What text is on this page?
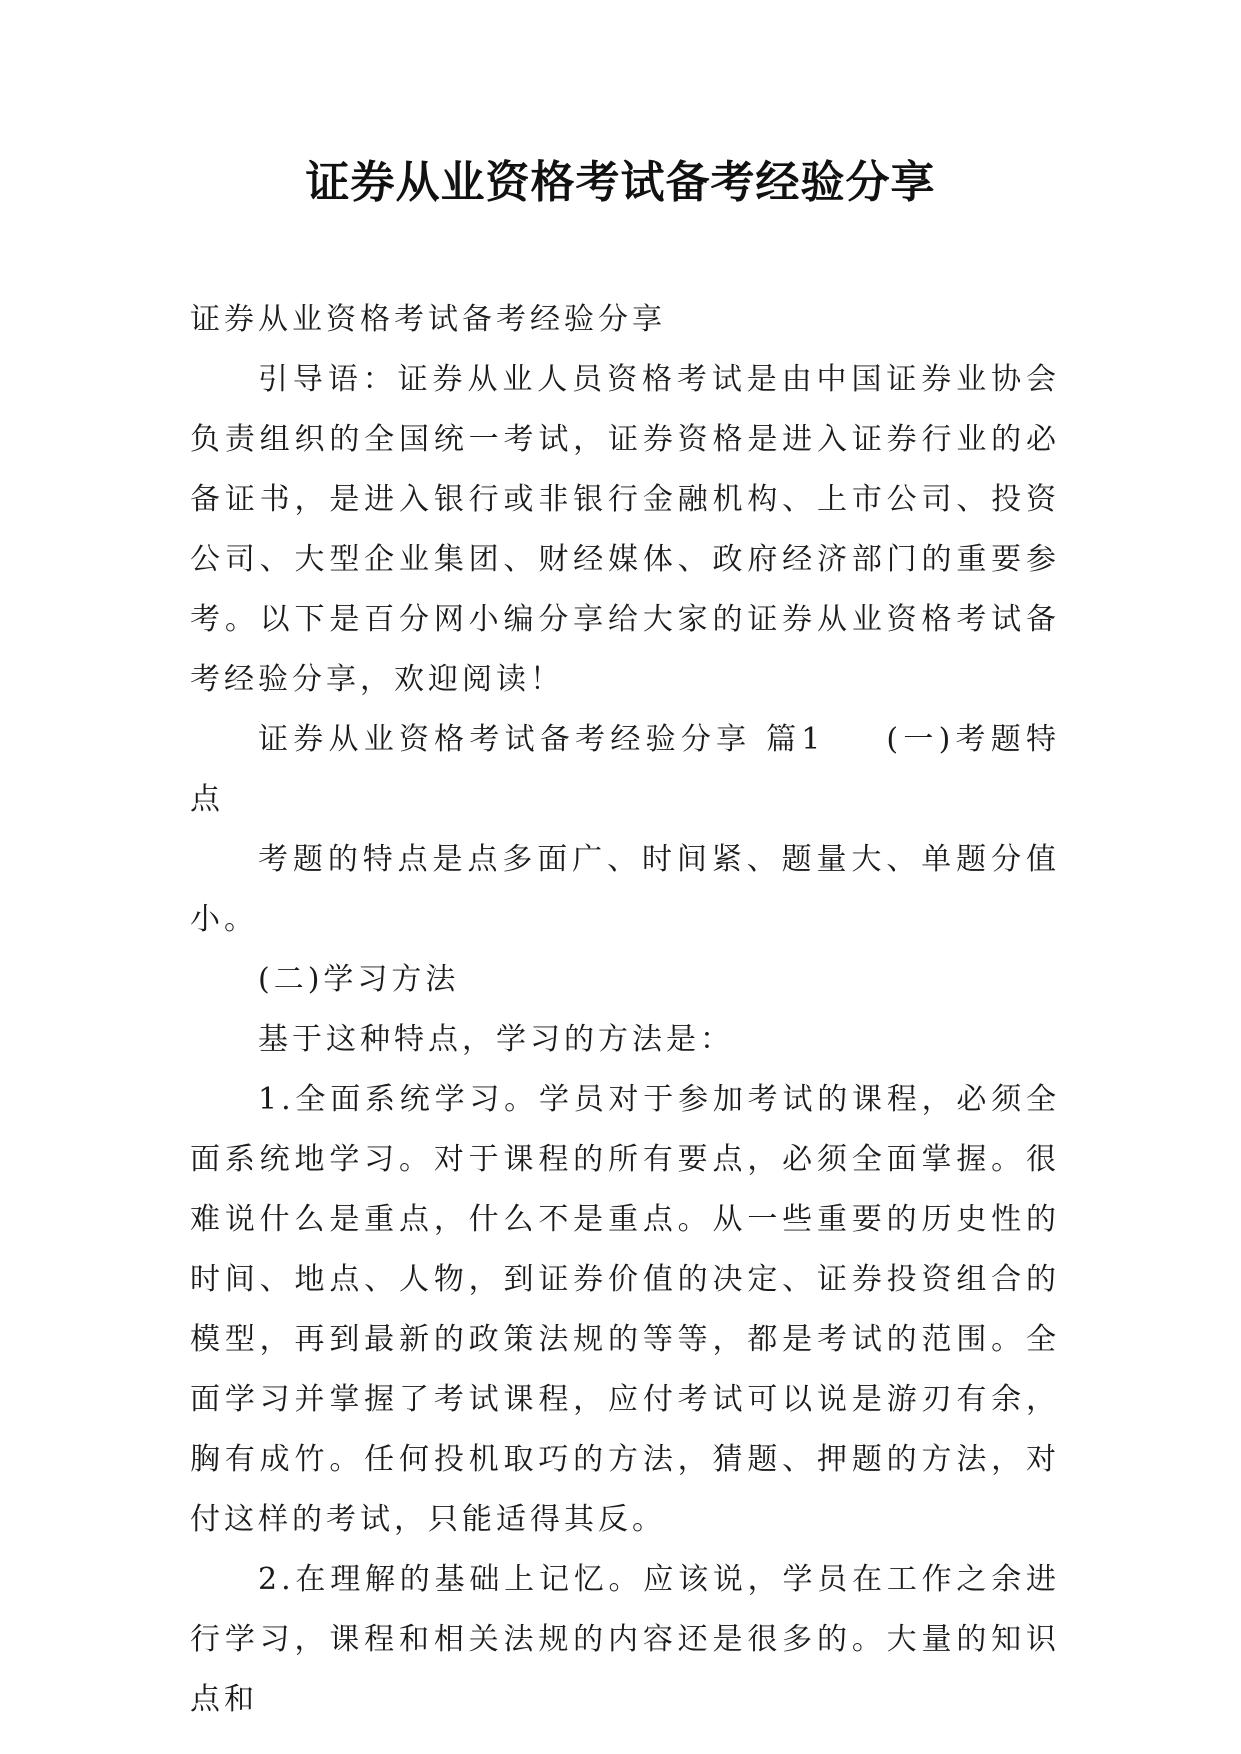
证券从业资格考试备考经验分享

证券从业资格考试备考经验分享

引导语：证券从业人员资格考试是由中国证券业协会负责组织的全国统一考试，证券资格是进入证券行业的必备证书，是进入银行或非银行金融机构、上市公司、投资公司、大型企业集团、财经媒体、政府经济部门的重要参考。以下是百分网小编分享给大家的证券从业资格考试备考经验分享，欢迎阅读！

证券从业资格考试备考经验分享 篇1 (一)考题特点

考题的特点是点多面广、时间紧、题量大、单题分值小。

(二)学习方法

基于这种特点，学习的方法是：

1.全面系统学习。学员对于参加考试的课程，必须全面系统地学习。对于课程的所有要点，必须全面掌握。很难说什么是重点，什么不是重点。从一些重要的历史性的时间、地点、人物，到证券价值的决定、证券投资组合的模型，再到最新的政策法规的等等，都是考试的范围。全面学习并掌握了考试课程，应付考试可以说是游刃有余，胸有成竹。任何投机取巧的方法，猜题、押题的方法，对付这样的考试，只能适得其反。

2.在理解的基础上记忆。应该说，学员在工作之余进行学习，课程和相关法规的内容还是很多的。大量的知识点和
